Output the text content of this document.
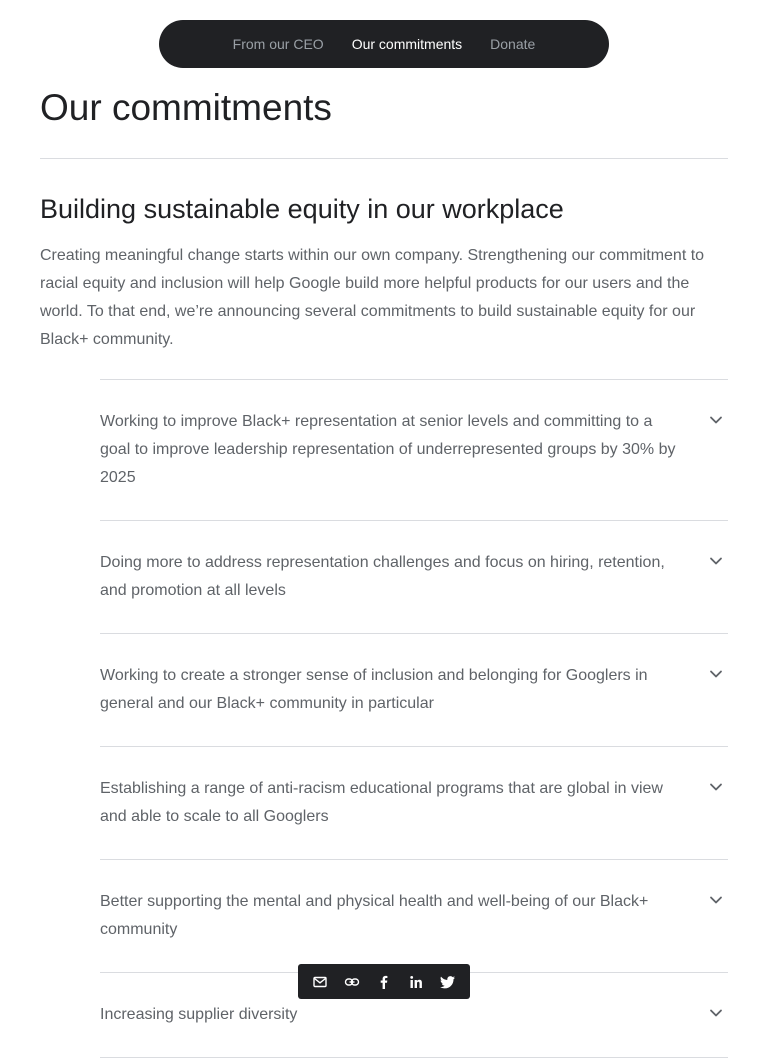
From our CEO	Our commitments	Donate
Our commitments
Building sustainable equity in our workplace

Creating meaningful change starts within our own company. Strengthening our commitment to racial equity and inclusion will help Google build more helpful products for our users and the world. To that end, we’re announcing several commitments to build sustainable equity for our Black+ community.

Working to improve Black+ representation at senior levels and committing to a goal to improve leadership representation of underrepresented groups by 30% by 2025
Doing more to address representation challenges and focus on hiring, retention, and promotion at all levels
Working to create a stronger sense of inclusion and belonging for Googlers in general and our Black+ community in particular
Establishing a range of anti-racism educational programs that are global in view and able to scale to all Googlers
Better supporting the mental and physical health and well-being of our Black+ community
Increasing supplier diversity
